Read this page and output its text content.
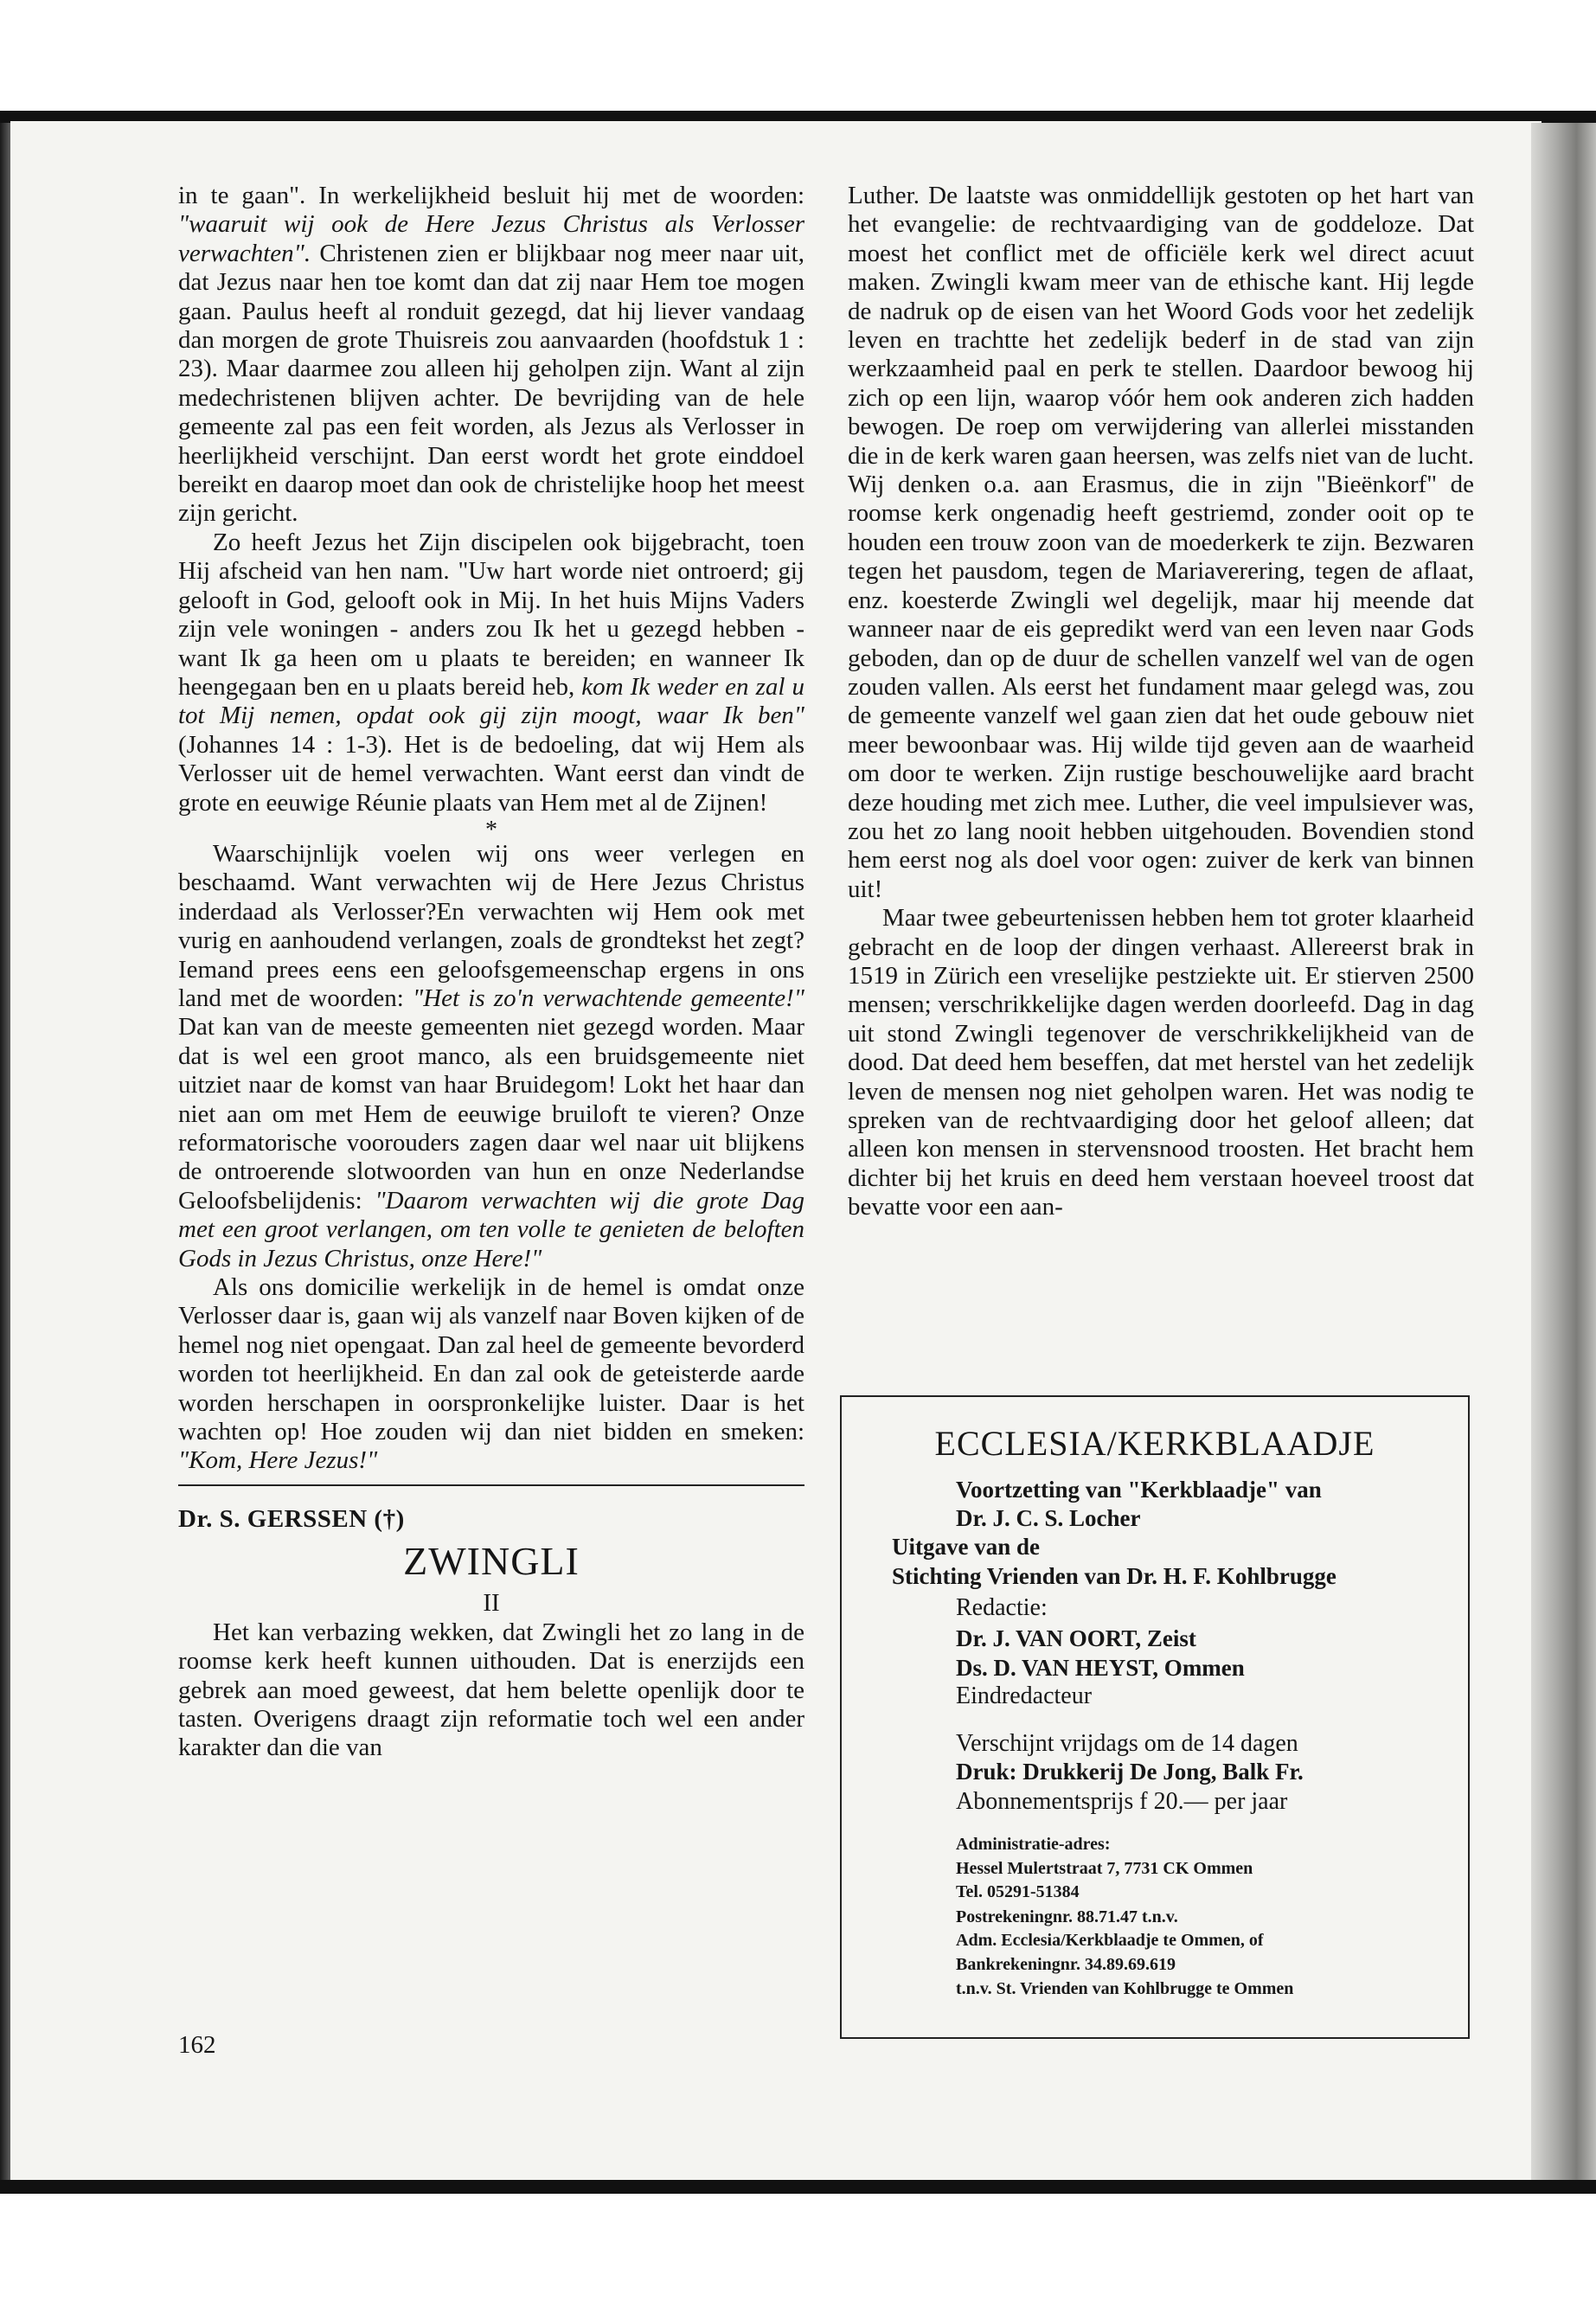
in te gaan". In werkelijkheid besluit hij met de woorden: "waaruit wij ook de Here Jezus Christus als Verlosser verwachten". Christenen zien er blijkbaar nog meer naar uit, dat Jezus naar hen toe komt dan dat zij naar Hem toe mogen gaan. Paulus heeft al ronduit gezegd, dat hij liever vandaag dan morgen de grote Thuisreis zou aanvaarden (hoofdstuk 1 : 23). Maar daarmee zou alleen hij geholpen zijn. Want al zijn medechristenen blijven achter. De bevrijding van de hele gemeente zal pas een feit worden, als Jezus als Verlosser in heerlijkheid verschijnt. Dan eerst wordt het grote einddoel bereikt en daarop moet dan ook de christelijke hoop het meest zijn gericht.

Zo heeft Jezus het Zijn discipelen ook bijgebracht, toen Hij afscheid van hen nam. "Uw hart worde niet ontroerd; gij gelooft in God, gelooft ook in Mij. In het huis Mijns Vaders zijn vele woningen - anders zou Ik het u gezegd hebben - want Ik ga heen om u plaats te bereiden; en wanneer Ik heengegaan ben en u plaats bereid heb, kom Ik weder en zal u tot Mij nemen, opdat ook gij zijn moogt, waar Ik ben" (Johannes 14 : 1-3). Het is de bedoeling, dat wij Hem als Verlosser uit de hemel verwachten. Want eerst dan vindt de grote en eeuwige Réunie plaats van Hem met al de Zijnen!

*

Waarschijnlijk voelen wij ons weer verlegen en beschaamd. Want verwachten wij de Here Jezus Christus inderdaad als Verlosser?En verwachten wij Hem ook met vurig en aanhoudend verlangen, zoals de grondtekst het zegt? Iemand prees eens een geloofsgemeenschap ergens in ons land met de woorden: "Het is zo'n verwachtende gemeente!" Dat kan van de meeste gemeenten niet gezegd worden. Maar dat is wel een groot manco, als een bruidsgemeente niet uitziet naar de komst van haar Bruidegom! Lokt het haar dan niet aan om met Hem de eeuwige bruiloft te vieren? Onze reformatorische voorouders zagen daar wel naar uit blijkens de ontroerende slotwoorden van hun en onze Nederlandse Geloofsbelijdenis: "Daarom verwachten wij die grote Dag met een groot verlangen, om ten volle te genieten de beloften Gods in Jezus Christus, onze Here!"

Als ons domicilie werkelijk in de hemel is omdat onze Verlosser daar is, gaan wij als vanzelf naar Boven kijken of de hemel nog niet opengaat. Dan zal heel de gemeente bevorderd worden tot heerlijkheid. En dan zal ook de geteisterde aarde worden herschapen in oorspronkelijke luister. Daar is het wachten op! Hoe zouden wij dan niet bidden en smeken: "Kom, Here Jezus!"

Dr. S. GERSSEN (†)
ZWINGLI
II

Het kan verbazing wekken, dat Zwingli het zo lang in de roomse kerk heeft kunnen uithouden. Dat is enerzijds een gebrek aan moed geweest, dat hem belette openlijk door te tasten. Overigens draagt zijn reformatie toch wel een ander karakter dan die van

162

Luther. De laatste was onmiddellijk gestoten op het hart van het evangelie: de rechtvaardiging van de goddeloze. Dat moest het conflict met de officiële kerk wel direct acuut maken. Zwingli kwam meer van de ethische kant. Hij legde de nadruk op de eisen van het Woord Gods voor het zedelijk leven en trachtte het zedelijk bederf in de stad van zijn werkzaamheid paal en perk te stellen. Daardoor bewoog hij zich op een lijn, waarop vóór hem ook anderen zich hadden bewogen. De roep om verwijdering van allerlei misstanden die in de kerk waren gaan heersen, was zelfs niet van de lucht. Wij denken o.a. aan Erasmus, die in zijn "Bieënkorf" de roomse kerk ongenadig heeft gestriemd, zonder ooit op te houden een trouw zoon van de moederkerk te zijn. Bezwaren tegen het pausdom, tegen de Mariaverering, tegen de aflaat, enz. koesterde Zwingli wel degelijk, maar hij meende dat wanneer naar de eis gepredikt werd van een leven naar Gods geboden, dan op de duur de schellen vanzelf wel van de ogen zouden vallen. Als eerst het fundament maar gelegd was, zou de gemeente vanzelf wel gaan zien dat het oude gebouw niet meer bewoonbaar was. Hij wilde tijd geven aan de waarheid om door te werken. Zijn rustige beschouwelijke aard bracht deze houding met zich mee. Luther, die veel impulsiever was, zou het zo lang nooit hebben uitgehouden. Bovendien stond hem eerst nog als doel voor ogen: zuiver de kerk van binnen uit!

Maar twee gebeurtenissen hebben hem tot groter klaarheid gebracht en de loop der dingen verhaast. Allereerst brak in 1519 in Zürich een vreselijke pestziekte uit. Er stierven 2500 mensen; verschrikkelijke dagen werden doorleefd. Dag in dag uit stond Zwingli tegenover de verschrikkelijkheid van de dood. Dat deed hem beseffen, dat met herstel van het zedelijk leven de mensen nog niet geholpen waren. Het was nodig te spreken van de rechtvaardiging door het geloof alleen; dat alleen kon mensen in stervensnood troosten. Het bracht hem dichter bij het kruis en deed hem verstaan hoeveel troost dat bevatte voor een aan-

ECCLESIA/KERKBLAADJE
Voortzetting van "Kerkblaadje" van
Dr. J. C. S. Locher
Uitgave van de
Stichting Vrienden van Dr. H. F. Kohlbrugge
Redactie:
Dr. J. VAN OORT, Zeist
Ds. D. VAN HEYST, Ommen
Eindredacteur
Verschijnt vrijdags om de 14 dagen
Druk: Drukkerij De Jong, Balk Fr.
Abonnementsprijs f 20.— per jaar
Administratie-adres:
Hessel Mulertstraat 7, 7731 CK Ommen
Tel. 05291-51384
Postrekeningnr. 88.71.47 t.n.v.
Adm. Ecclesia/Kerkblaadje te Ommen, of
Bankrekeningnr. 34.89.69.619
t.n.v. St. Vrienden van Kohlbrugge te Ommen
